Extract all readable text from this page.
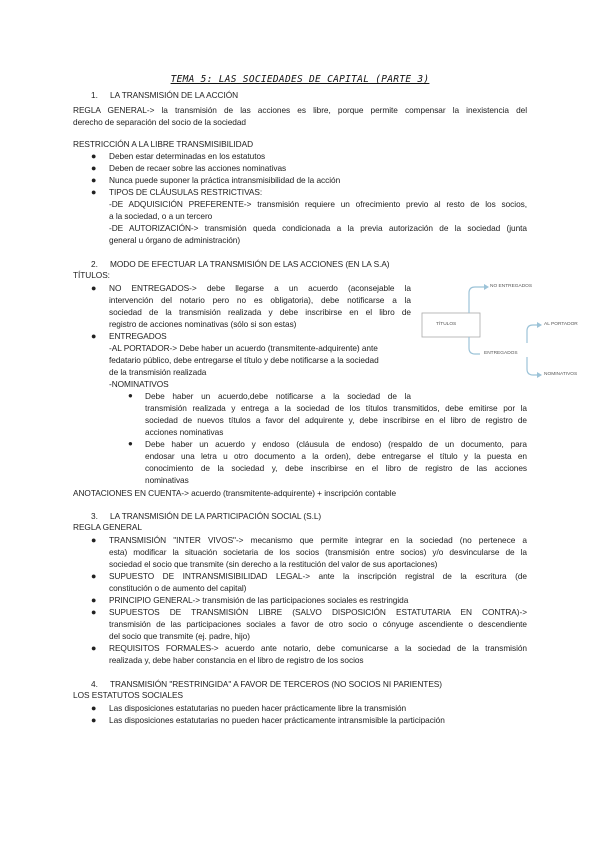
TEMA 5: LAS SOCIEDADES DE CAPITAL (PARTE 3)
1. LA TRANSMISIÓN DE LA ACCIÓN
REGLA GENERAL-> la transmisión de las acciones es libre, porque permite compensar la inexistencia del
derecho de separación del socio de la sociedad
RESTRICCIÓN A LA LIBRE TRANSMISIBILIDAD
● Deben estar determinadas en los estatutos
● Deben de recaer sobre las acciones nominativas
● Nunca puede suponer la práctica intransmisibilidad de la acción
● TIPOS DE CLÁUSULAS RESTRICTIVAS:
-DE ADQUISICIÓN PREFERENTE-> transmisión requiere un ofrecimiento previo al resto de los socios,
a la sociedad, o a un tercero
-DE AUTORIZACIÓN-> transmisión queda condicionada a la previa autorización de la sociedad (junta
general u órgano de administración)
2. MODO DE EFECTUAR LA TRANSMISIÓN DE LAS ACCIONES (EN LA S.A)
TÍTULOS:
● NO ENTREGADOS-> debe llegarse a un acuerdo (aconsejable la
intervención del notario pero no es obligatoria), debe notificarse a la
sociedad de la transmisión realizada y debe inscribirse en el libro de
registro de acciones nominativas (sólo si son estas)
● ENTREGADOS
-AL PORTADOR-> Debe haber un acuerdo (transmitente-adquirente) ante
fedatario público, debe entregarse el título y debe notificarse a la sociedad
de la transmisión realizada
-NOMINATIVOS
● Debe haber un acuerdo,debe notificarse a la sociedad de la
transmisión realizada y entrega a la sociedad de los títulos transmitidos, debe emitirse por la
sociedad de nuevos títulos a favor del adquirente y, debe inscribirse en el libro de registro de
acciones nominativas
● Debe haber un acuerdo y endoso (cláusula de endoso) (respaldo de un documento, para
endosar una letra u otro documento a la orden), debe entregarse el título y la puesta en
conocimiento de la sociedad y, debe inscribirse en el libro de registro de las acciones
nominativas
ANOTACIONES EN CUENTA-> acuerdo (transmitente-adquirente) + inscripción contable
TÍTULOS
NO ENTREGADOS
ENTREGADOS
AL PORTADOR
NOMINATIVOS
3. LA TRANSMISIÓN DE LA PARTICIPACIÓN SOCIAL (S.L)
REGLA GENERAL
● TRANSMISIÓN "INTER VIVOS"-> mecanismo que permite integrar en la sociedad (no pertenece a
esta) modificar la situación societaria de los socios (transmisión entre socios) y/o desvincularse de la
sociedad el socio que transmite (sin derecho a la restitución del valor de sus aportaciones)
● SUPUESTO DE INTRANSMISIBILIDAD LEGAL-> ante la inscripción registral de la escritura (de
constitución o de aumento del capital)
● PRINCIPIO GENERAL-> transmisión de las participaciones sociales es restringida
● SUPUESTOS DE TRANSMISIÓN LIBRE (SALVO DISPOSICIÓN ESTATUTARIA EN CONTRA)->
transmisión de las participaciones sociales a favor de otro socio o cónyuge ascendiente o descendiente
del socio que transmite (ej. padre, hijo)
● REQUISITOS FORMALES-> acuerdo ante notario, debe comunicarse a la sociedad de la transmisión
realizada y, debe haber constancia en el libro de registro de los socios
4. TRANSMISIÓN "RESTRINGIDA" A FAVOR DE TERCEROS (NO SOCIOS NI PARIENTES)
LOS ESTATUTOS SOCIALES
● Las disposiciones estatutarias no pueden hacer prácticamente libre la transmisión
● Las disposiciones estatutarias no pueden hacer prácticamente intransmisible la participación
